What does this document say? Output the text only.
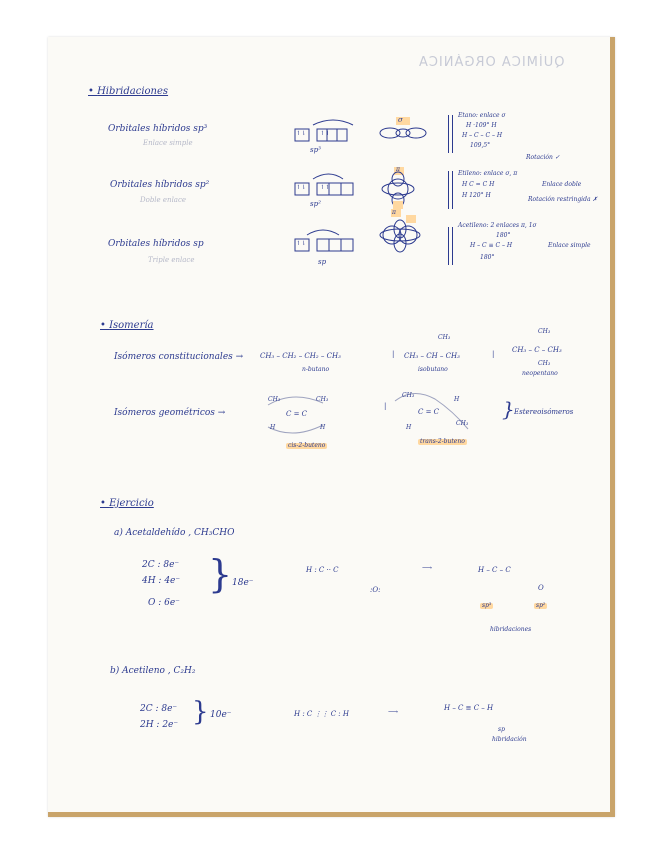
QUÍMICA ORGÁNICA
• Hibridaciones
Orbitales híbridos sp³
Enlace simple
↿⇂ ↿↿
sp³
σ
Etano: enlace σ
H ·109° H
H – C – C – H
109,5°
Rotación ✓
Orbitales híbridos sp²
Doble enlace
↿⇂ ↿↿
sp²
π
Etileno: enlace σ, π
H C = C H
H 120° H
Enlace doble
Rotación restringida ✗
Orbitales híbridos sp
Triple enlace
↿⇂
sp
π
Acetileno: 2 enlaces π, 1σ
180°
H – C ≡ C – H
180°
Enlace simple
• Isomería
Isómeros constitucionales → CH₃ – CH₂ – CH₂ – CH₃
n-butano
|
CH₃
CH₃ – CH – CH₃
isobutano
|
CH₃
CH₃ – C – CH₃
CH₃
neopentano
Isómeros geométricos →
CH₃	CH₃
C = C
H	H
cis-2-buteno
|
CH₃
H
C = C
H
CH₃
trans-2-buteno
} Estereoisómeros
• Ejercicio
a) Acetaldehído , CH₃CHO
2C : 8e⁻
4H : 4e⁻
O : 6e⁻
} 18e⁻
H : C ·· C
:O:
⟶	H – C – C
O
sp³	sp²
hibridaciones
b) Acetileno , C₂H₂
2C : 8e⁻
2H : 2e⁻ } 10e⁻	H : C ⋮⋮ C : H	⟶	H – C ≡ C – H
sp
hibridación
